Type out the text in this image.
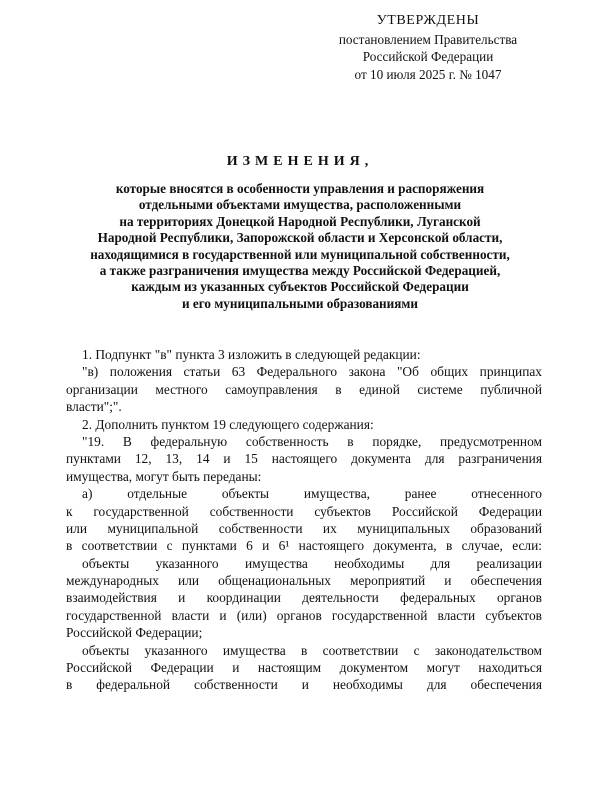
УТВЕРЖДЕНЫ
постановлением Правительства
Российской Федерации
от 10 июля 2025 г. № 1047
ИЗМЕНЕНИЯ,
которые вносятся в особенности управления и распоряжения
отдельными объектами имущества, расположенными
на территориях Донецкой Народной Республики, Луганской
Народной Республики, Запорожской области и Херсонской области,
находящимися в государственной или муниципальной собственности,
а также разграничения имущества между Российской Федерацией,
каждым из указанных субъектов Российской Федерации
и его муниципальными образованиями
1. Подпункт "в" пункта 3 изложить в следующей редакции:
"в) положения статьи 63 Федерального закона "Об общих принципах
организации местного самоуправления в единой системе публичной
власти";".
2. Дополнить пунктом 19 следующего содержания:
"19. В федеральную собственность в порядке, предусмотренном
пунктами 12, 13, 14 и 15 настоящего документа для разграничения
имущества, могут быть переданы:
а) отдельные объекты имущества, ранее отнесенного
к государственной собственности субъектов Российской Федерации
или муниципальной собственности их муниципальных образований
в соответствии с пунктами 6 и 6¹ настоящего документа, в случае, если:
объекты указанного имущества необходимы для реализации
международных или общенациональных мероприятий и обеспечения
взаимодействия и координации деятельности федеральных органов
государственной власти и (или) органов государственной власти субъектов
Российской Федерации;
объекты указанного имущества в соответствии с законодательством
Российской Федерации и настоящим документом могут находиться
в федеральной собственности и необходимы для обеспечения
